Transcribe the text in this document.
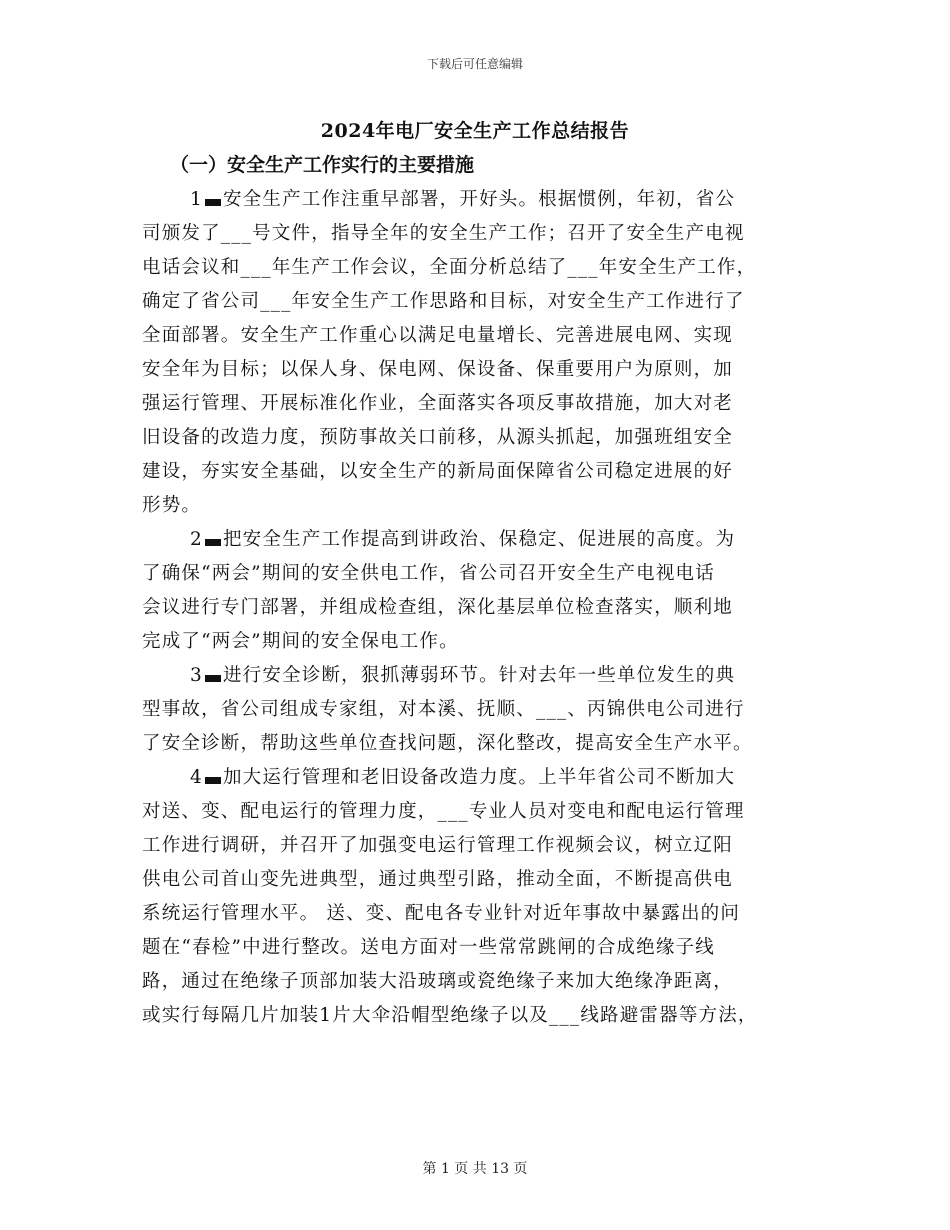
下载后可任意编辑
2024年电厂安全生产工作总结报告
（一）安全生产工作实行的主要措施
1 安全生产工作注重早部署，开好头。根据惯例，年初，省公
司颁发了___号文件，指导全年的安全生产工作；召开了安全生产电视
电话会议和___年生产工作会议，全面分析总结了___年安全生产工作，
确定了省公司___年安全生产工作思路和目标，对安全生产工作进行了
全面部署。安全生产工作重心以满足电量增长、完善进展电网、实现
安全年为目标；以保人身、保电网、保设备、保重要用户为原则，加
强运行管理、开展标准化作业，全面落实各项反事故措施，加大对老
旧设备的改造力度，预防事故关口前移，从源头抓起，加强班组安全
建设，夯实安全基础，以安全生产的新局面保障省公司稳定进展的好
形势。
2 把安全生产工作提高到讲政治、保稳定、促进展的高度。为
了确保“两会”期间的安全供电工作，省公司召开安全生产电视电话
会议进行专门部署，并组成检查组，深化基层单位检查落实，顺利地
完成了“两会”期间的安全保电工作。
3 进行安全诊断，狠抓薄弱环节。针对去年一些单位发生的典
型事故，省公司组成专家组，对本溪、抚顺、___、丙锦供电公司进行
了安全诊断，帮助这些单位查找问题，深化整改，提高安全生产水平。
4 加大运行管理和老旧设备改造力度。上半年省公司不断加大
对送、变、配电运行的管理力度，___专业人员对变电和配电运行管理
工作进行调研，并召开了加强变电运行管理工作视频会议，树立辽阳
供电公司首山变先进典型，通过典型引路，推动全面，不断提高供电
系统运行管理水平。 送、变、配电各专业针对近年事故中暴露出的问
题在“春检”中进行整改。送电方面对一些常常跳闸的合成绝缘子线
路，通过在绝缘子顶部加装大沿玻璃或瓷绝缘子来加大绝缘净距离，
或实行每隔几片加装1片大伞沿帽型绝缘子以及___线路避雷器等方法，
第 1 页 共 13 页
